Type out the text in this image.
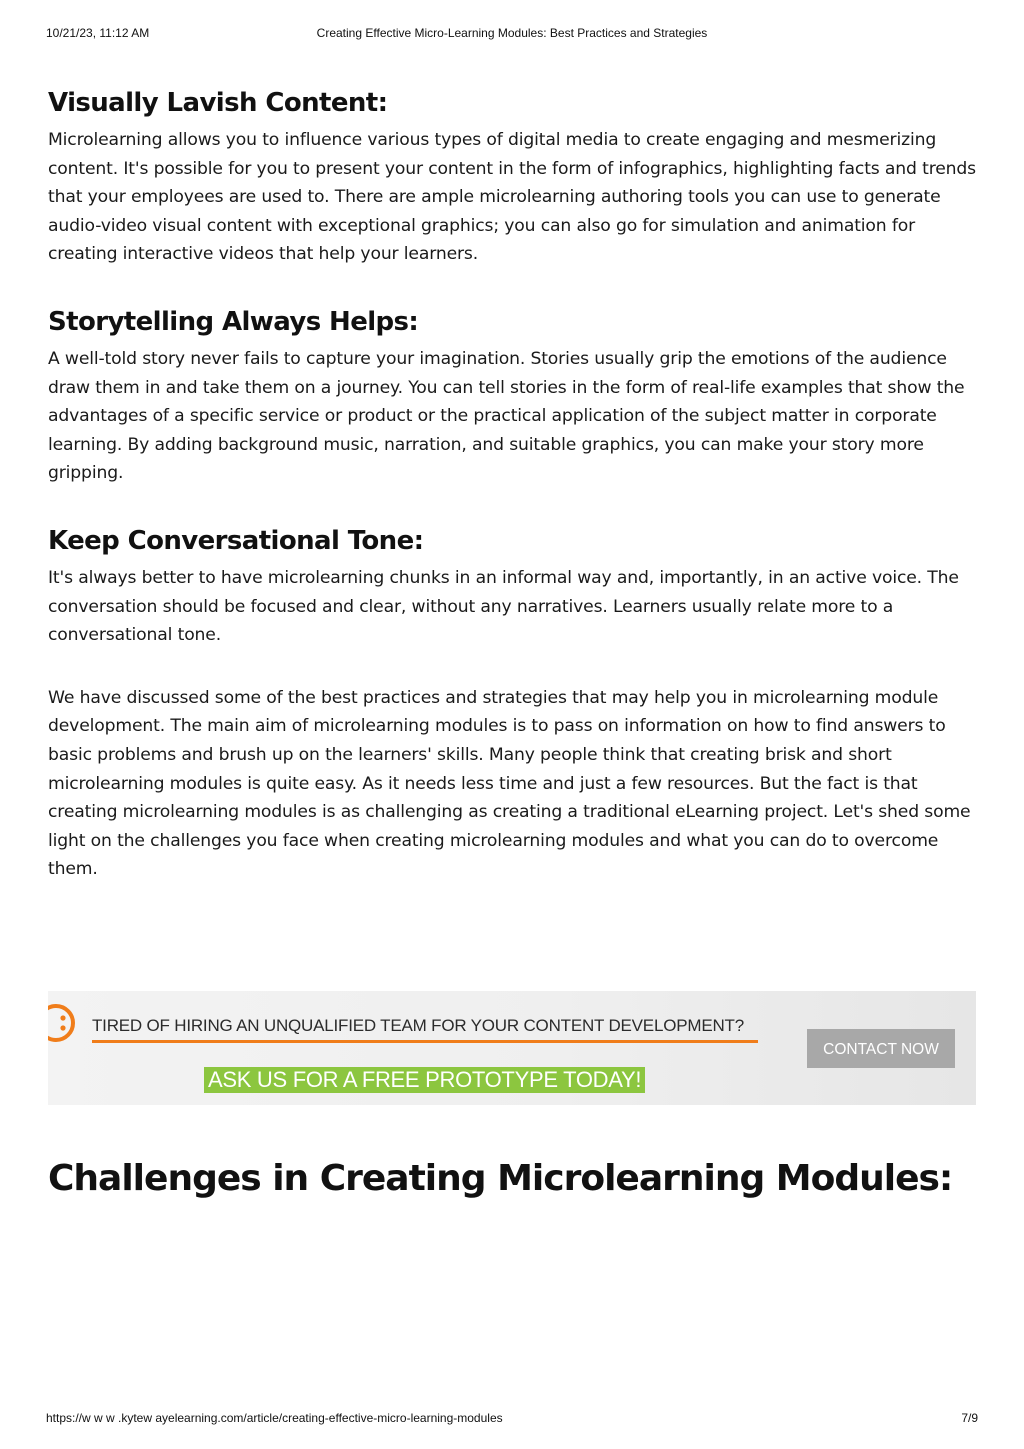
10/21/23, 11:12 AM	Creating Effective Micro-Learning Modules: Best Practices and Strategies
Visually Lavish Content:

Microlearning allows you to influence various types of digital media to create engaging and mesmerizing content. It's possible for you to present your content in the form of infographics, highlighting facts and trends that your employees are used to. There are ample microlearning authoring tools you can use to generate audio-video visual content with exceptional graphics; you can also go for simulation and animation for creating interactive videos that help your learners.

Storytelling Always Helps:

A well-told story never fails to capture your imagination. Stories usually grip the emotions of the audience draw them in and take them on a journey. You can tell stories in the form of real-life examples that show the advantages of a specific service or product or the practical application of the subject matter in corporate learning. By adding background music, narration, and suitable graphics, you can make your story more gripping.

Keep Conversational Tone:

It's always better to have microlearning chunks in an informal way and, importantly, in an active voice. The conversation should be focused and clear, without any narratives. Learners usually relate more to a conversational tone.

We have discussed some of the best practices and strategies that may help you in microlearning module development. The main aim of microlearning modules is to pass on information on how to find answers to basic problems and brush up on the learners' skills. Many people think that creating brisk and short microlearning modules is quite easy. As it needs less time and just a few resources. But the fact is that creating microlearning modules is as challenging as creating a traditional eLearning project. Let's shed some light on the challenges you face when creating microlearning modules and what you can do to overcome them.

TIRED OF HIRING AN UNQUALIFIED TEAM FOR YOUR CONTENT DEVELOPMENT?
ASK US FOR A FREE PROTOTYPE TODAY!
CONTACT NOW
Challenges in Creating Microlearning Modules:
https://w w w .kytew ayelearning.com/article/creating-effective-micro-learning-modules	7/9
